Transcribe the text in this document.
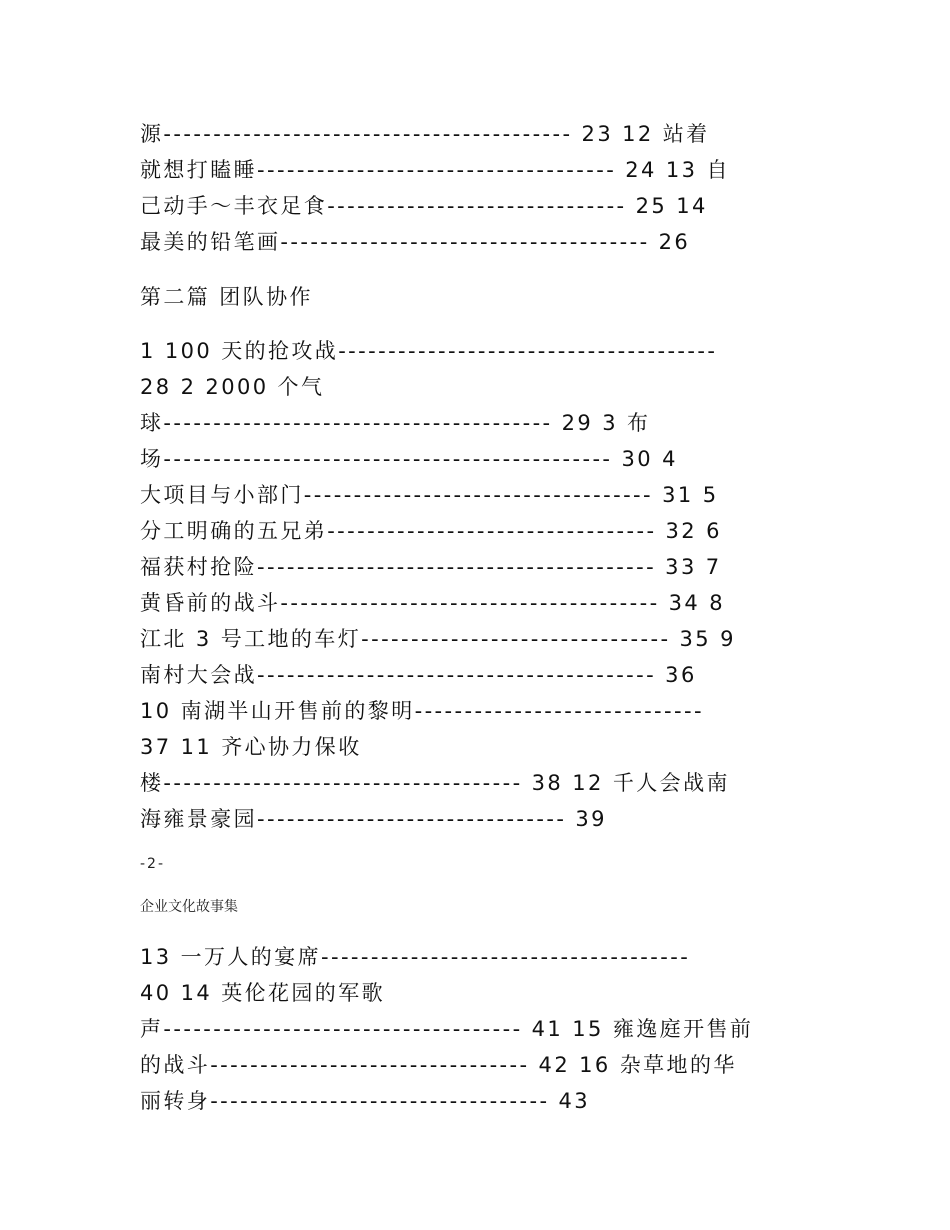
源----------------------------------------- 23 12 站着
就想打瞌睡------------------------------------ 24 13 自
己动手～丰衣足食------------------------------ 25 14
最美的铅笔画------------------------------------- 26
第二篇 团队协作
1 100 天的抢攻战--------------------------------------
28 2 2000 个气
球--------------------------------------- 29 3 布
场--------------------------------------------- 30 4
大项目与小部门----------------------------------- 31 5
分工明确的五兄弟--------------------------------- 32 6
福获村抢险---------------------------------------- 33 7
黄昏前的战斗-------------------------------------- 34 8
江北 3 号工地的车灯------------------------------- 35 9
南村大会战---------------------------------------- 36
10 南湖半山开售前的黎明-----------------------------
37 11 齐心协力保收
楼------------------------------------ 38 12 千人会战南
海雍景豪园------------------------------- 39
-2-
企业文化故事集
13 一万人的宴席-------------------------------------
40 14 英伦花园的军歌
声------------------------------------ 41 15 雍逸庭开售前
的战斗-------------------------------- 42 16 杂草地的华
丽转身---------------------------------- 43
